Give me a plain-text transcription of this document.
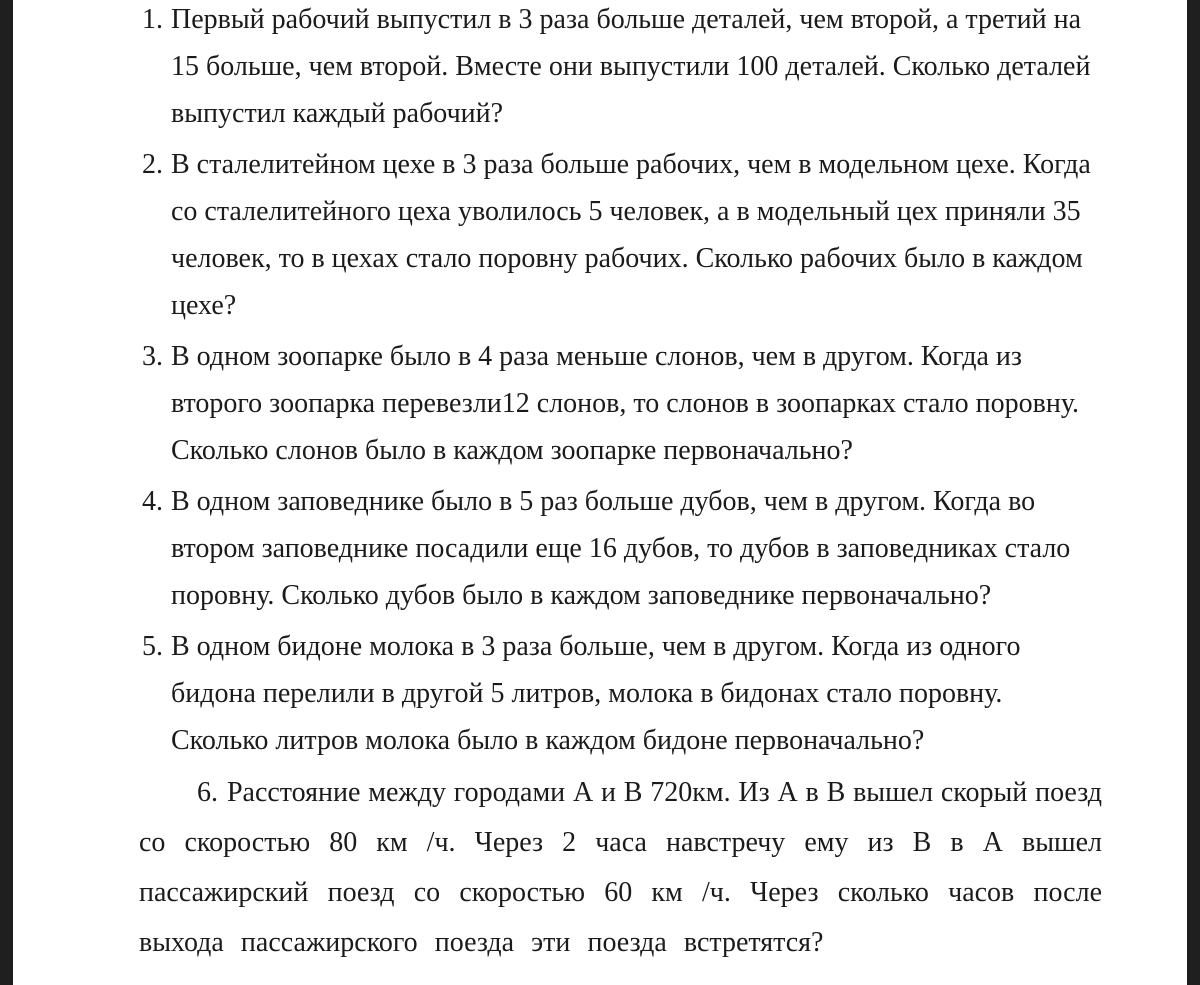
1. Первый рабочий выпустил в 3 раза больше деталей, чем второй, а третий на
15 больше, чем второй. Вместе они выпустили 100 деталей. Сколько деталей
выпустил каждый рабочий?
2. В сталелитейном цехе в 3 раза больше рабочих, чем в модельном цехе. Когда
со сталелитейного цеха уволилось 5 человек, а в модельный цех приняли 35
человек, то в цехах стало поровну рабочих. Сколько рабочих было в каждом
цехе?
3. В одном зоопарке было в 4 раза меньше слонов, чем в другом. Когда из
второго зоопарка перевезли12 слонов, то слонов в зоопарках стало поровну.
Сколько слонов было в каждом зоопарке первоначально?
4. В одном заповеднике было в 5 раз больше дубов, чем в другом. Когда во
втором заповеднике посадили еще 16 дубов, то дубов в заповедниках стало
поровну. Сколько дубов было в каждом заповеднике первоначально?
5. В одном бидоне молока в 3 раза больше, чем в другом. Когда из одного
бидона перелили в другой 5 литров, молока в бидонах стало поровну.
Сколько литров молока было в каждом бидоне первоначально?
6. Расстояние между городами А и В 720км. Из А в В вышел скорый поезд
со скоростью 80 км /ч. Через 2 часа навстречу ему из В в А вышел
пассажирский поезд со скоростью 60 км /ч. Через сколько часов после
выхода пассажирского поезда эти поезда встретятся?
